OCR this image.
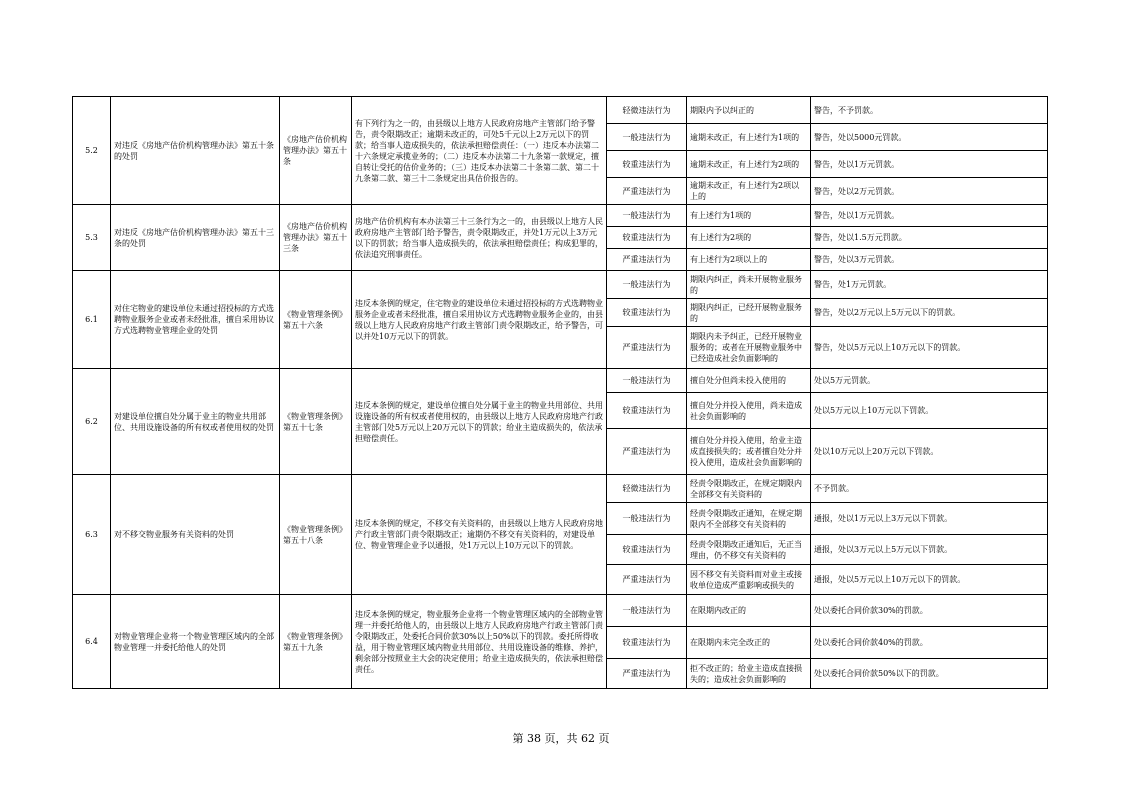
5.2	对违反《房地产估价机构管理办法》第五十条的处罚	《房地产估价机构管理办法》第五十条	有下列行为之一的，由县级以上地方人民政府房地产主管部门给予警告，责令限期改正；逾期未改正的，可处5千元以上2万元以下的罚款；给当事人造成损失的，依法承担赔偿责任：（一）违反本办法第二十六条规定承揽业务的；（二）违反本办法第二十九条第一款规定，擅自转让受托的估价业务的；（三）违反本办法第二十条第二款、第二十九条第二款、第三十二条规定出具估价报告的。	轻微违法行为	期限内予以纠正的	警告，不予罚款。
				一般违法行为	逾期未改正，有上述行为1项的	警告，处以5000元罚款。
				较重违法行为	逾期未改正，有上述行为2项的	警告，处以1万元罚款。
				严重违法行为	逾期未改正，有上述行为2项以上的	警告，处以2万元罚款。
5.3	对违反《房地产估价机构管理办法》第五十三条的处罚	《房地产估价机构管理办法》第五十三条	房地产估价机构有本办法第三十三条行为之一的，由县级以上地方人民政府房地产主管部门给予警告，责令限期改正，并处1万元以上3万元以下的罚款；给当事人造成损失的，依法承担赔偿责任；构成犯罪的，依法追究刑事责任。	一般违法行为	有上述行为1项的	警告，处以1万元罚款。
				较重违法行为	有上述行为2项的	警告，处以1.5万元罚款。
				严重违法行为	有上述行为2项以上的	警告，处以3万元罚款。
6.1	对住宅物业的建设单位未通过招投标的方式选聘物业服务企业或者未经批准，擅自采用协议方式选聘物业管理企业的处罚	《物业管理条例》第五十六条	违反本条例的规定，住宅物业的建设单位未通过招投标的方式选聘物业服务企业或者未经批准，擅自采用协议方式选聘物业服务企业的，由县级以上地方人民政府房地产行政主管部门责令限期改正，给予警告，可以并处10万元以下的罚款。	一般违法行为	期限内纠正，尚未开展物业服务的	警告，处1万元罚款。
				较重违法行为	期限内纠正，已经开展物业服务的	警告，处以2万元以上5万元以下的罚款。
				严重违法行为	期限内未予纠正，已经开展物业服务的；或者在开展物业服务中已经造成社会负面影响的	警告，处以5万元以上10万元以下的罚款。
6.2	对建设单位擅自处分属于业主的物业共用部位、共用设施设备的所有权或者使用权的处罚	《物业管理条例》第五十七条	违反本条例的规定，建设单位擅自处分属于业主的物业共用部位、共用设施设备的所有权或者使用权的，由县级以上地方人民政府房地产行政主管部门处5万元以上20万元以下的罚款；给业主造成损失的，依法承担赔偿责任。	一般违法行为	擅自处分但尚未投入使用的	处以5万元罚款。
				较重违法行为	擅自处分并投入使用，尚未造成社会负面影响的	处以5万元以上10万元以下罚款。
				严重违法行为	擅自处分并投入使用，给业主造成直接损失的；或者擅自处分并投入使用，造成社会负面影响的	处以10万元以上20万元以下罚款。
6.3	对不移交物业服务有关资料的处罚	《物业管理条例》第五十八条	违反本条例的规定，不移交有关资料的，由县级以上地方人民政府房地产行政主管部门责令限期改正；逾期仍不移交有关资料的，对建设单位、物业管理企业予以通报，处1万元以上10万元以下的罚款。	轻微违法行为	经责令限期改正，在规定期限内全部移交有关资料的	不予罚款。
				一般违法行为	经责令限期改正通知，在规定期限内不全部移交有关资料的	通报，处以1万元以上3万元以下罚款。
				较重违法行为	经责令限期改正通知后，无正当理由，仍不移交有关资料的	通报，处以3万元以上5万元以下罚款。
				严重违法行为	因不移交有关资料而对业主或接收单位造成严重影响或损失的	通报，处以5万元以上10万元以下的罚款。
6.4	对物业管理企业将一个物业管理区域内的全部物业管理一并委托给他人的处罚	《物业管理条例》第五十九条	违反本条例的规定，物业服务企业将一个物业管理区域内的全部物业管理一并委托给他人的，由县级以上地方人民政府房地产行政主管部门责令限期改正，处委托合同价款30%以上50%以下的罚款。委托所得收益，用于物业管理区域内物业共用部位、共用设施设备的维修、养护，剩余部分按照业主大会的决定使用；给业主造成损失的，依法承担赔偿责任。	一般违法行为	在限期内改正的	处以委托合同价款30%的罚款。
				较重违法行为	在限期内未完全改正的	处以委托合同价款40%的罚款。
				严重违法行为	拒不改正的；给业主造成直接损失的；造成社会负面影响的	处以委托合同价款50%以下的罚款。
第 38 页，共 62 页
